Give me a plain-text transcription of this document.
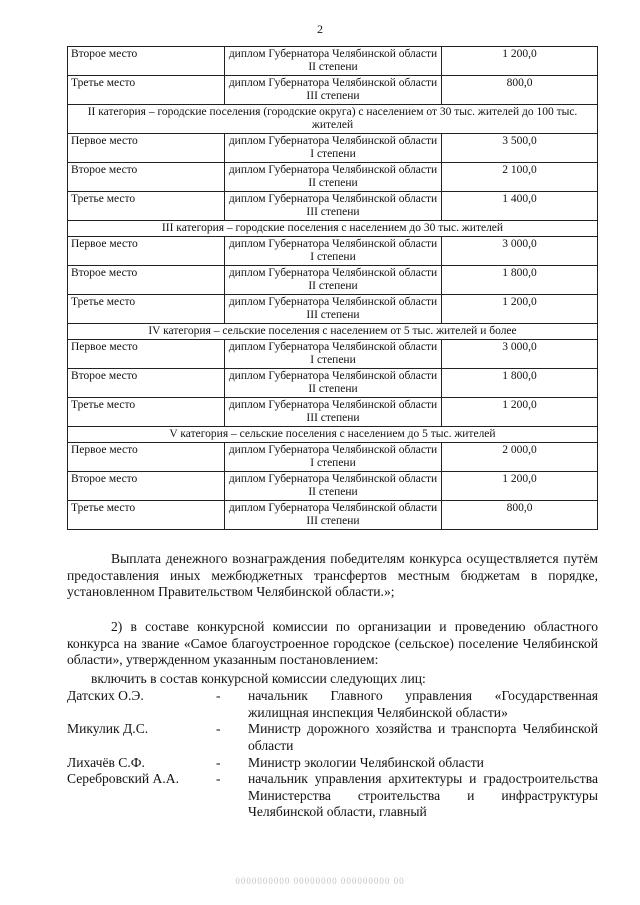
2
Второе место	диплом Губернатора Челябинской области II степени	1 200,0
Третье место	диплом Губернатора Челябинской области III степени	800,0
II категория – городские поселения (городские округа) с населением от 30 тыс. жителей до 100 тыс. жителей		
Первое место	диплом Губернатора Челябинской области I степени	3 500,0
Второе место	диплом Губернатора Челябинской области II степени	2 100,0
Третье место	диплом Губернатора Челябинской области III степени	1 400,0
III категория – городские поселения с населением до 30 тыс. жителей		
Первое место	диплом Губернатора Челябинской области I степени	3 000,0
Второе место	диплом Губернатора Челябинской области II степени	1 800,0
Третье место	диплом Губернатора Челябинской области III степени	1 200,0
IV категория – сельские поселения с населением от 5 тыс. жителей и более		
Первое место	диплом Губернатора Челябинской области I степени	3 000,0
Второе место	диплом Губернатора Челябинской области II степени	1 800,0
Третье место	диплом Губернатора Челябинской области III степени	1 200,0
V категория – сельские поселения с населением до 5 тыс. жителей		
Первое место	диплом Губернатора Челябинской области I степени	2 000,0
Второе место	диплом Губернатора Челябинской области II степени	1 200,0
Третье место	диплом Губернатора Челябинской области III степени	800,0
Выплата денежного вознаграждения победителям конкурса осуществляется путём предоставления иных межбюджетных трансфертов местным бюджетам в порядке, установленном Правительством Челябинской области.»;
2) в составе конкурсной комиссии по организации и проведению областного конкурса на звание «Самое благоустроенное городское (сельское) поселение Челябинской области», утвержденном указанным постановлением:
включить в состав конкурсной комиссии следующих лиц:
Датских О.Э.	-	начальник Главного управления «Государственная жилищная инспекция Челябинской области»
Микулик Д.С.	-	Министр дорожного хозяйства и транспорта Челябинской области
Лихачёв С.Ф.	-	Министр экологии Челябинской области
Серебровский А.А.	-	начальник управления архитектуры и градостроительства Министерства строительства и инфраструктуры Челябинской области, главный
0000000000 00000000 000000000 00
